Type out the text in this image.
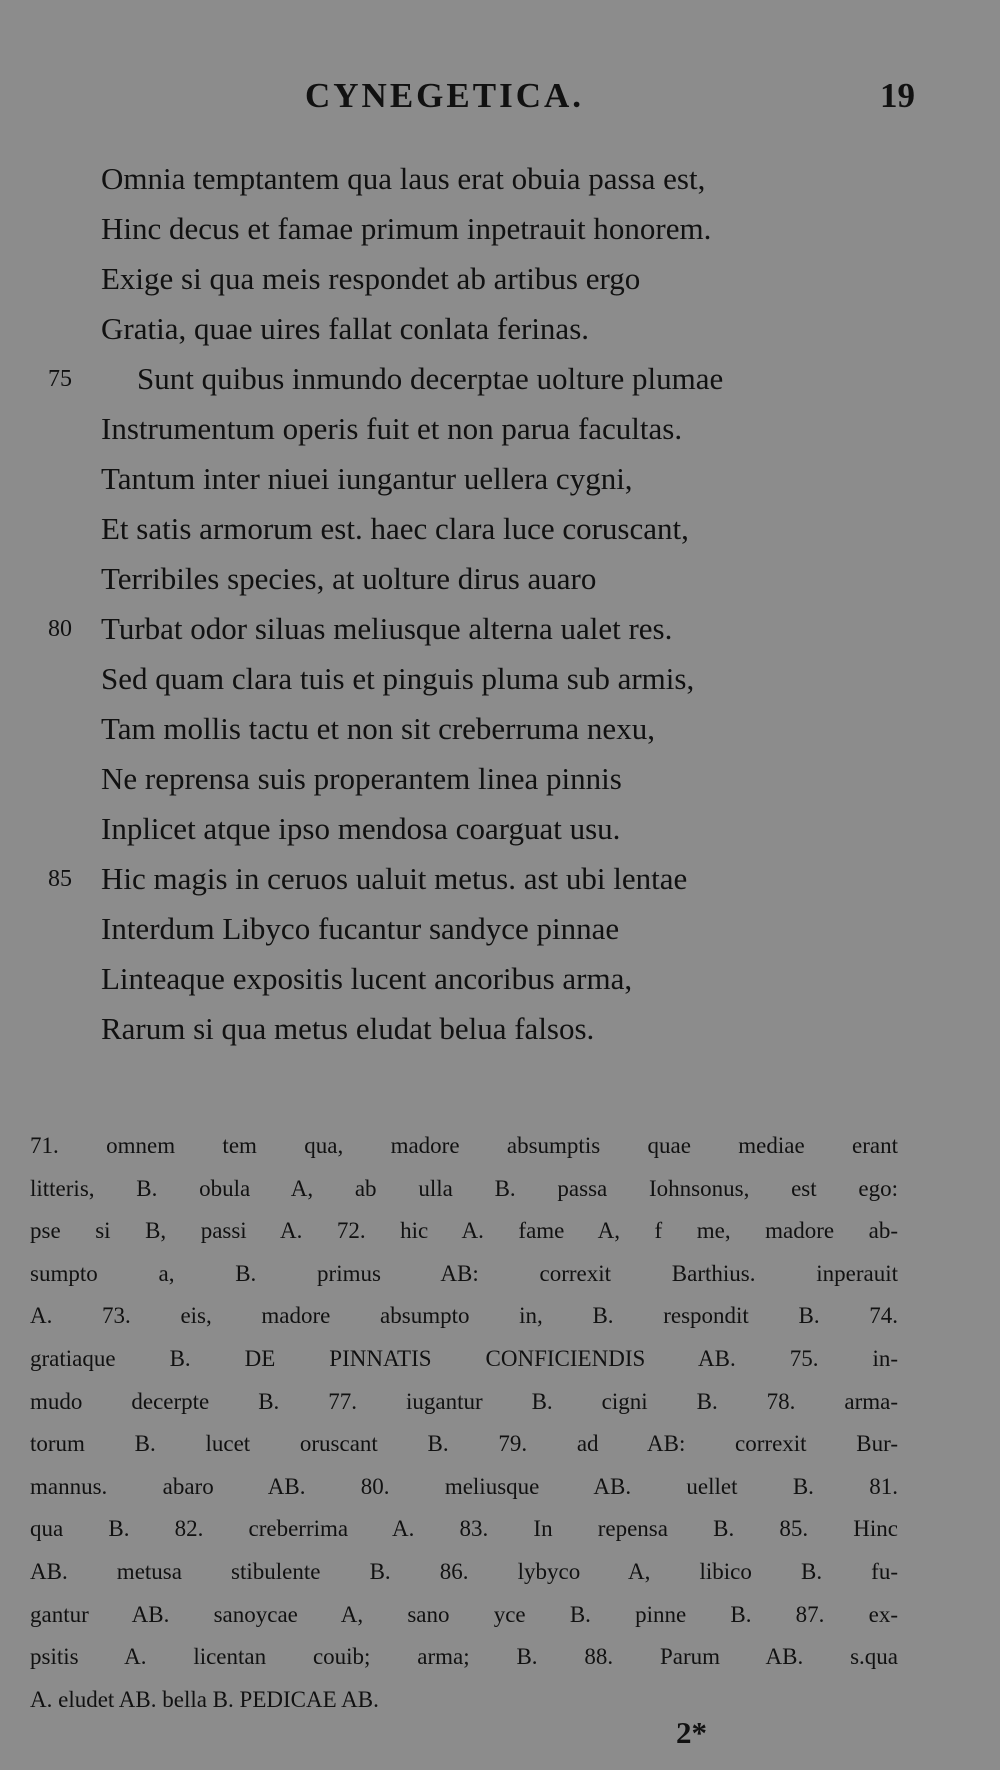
CYNEGETICA.	19
Omnia temptantem qua laus erat obuia passa est,
Hinc decus et famae primum inpetrauit honorem.
Exige si qua meis respondet ab artibus ergo
Gratia, quae uires fallat conlata ferinas.
75	Sunt quibus inmundo decerptae uolture plumae
Instrumentum operis fuit et non parua facultas.
Tantum inter niuei iungantur uellera cygni,
Et satis armorum est. haec clara luce coruscant,
Terribiles species, at uolture dirus auaro
80 Turbat odor siluas meliusque alterna ualet res.
Sed quam clara tuis et pinguis pluma sub armis,
Tam mollis tactu et non sit creberruma nexu,
Ne reprensa suis properantem linea pinnis
Inplicet atque ipso mendosa coarguat usu.
85 Hic magis in ceruos ualuit metus. ast ubi lentae
Interdum Libyco fucantur sandyce pinnae
Linteaque expositis lucent ancoribus arma,
Rarum si qua metus eludat belua falsos.
71. omnem tem qua, madore absumptis quae mediae erant
litteris, B. obula A, ab ulla B. passa Iohnsonus, est ego:
pse si B, passi A. 72. hic A. fame A, f me, madore ab-
sumpto a, B. primus AB: correxit Barthius. inperauit
A. 73. eis, madore absumpto in, B. respondit B. 74.
gratiaque B. DE PINNATIS CONFICIENDIS AB. 75. in-
mudo decerpte B. 77. iugantur B. cigni B. 78. arma-
torum B. lucet oruscant B. 79. ad AB: correxit Bur-
mannus. abaro AB. 80. meliusque AB. uellet B. 81.
qua B. 82. creberrima A. 83. In repensa B. 85. Hinc
AB. metusa stibulente B. 86. lybyco A, libico B. fu-
gantur AB. sanoycae A, sano yce B. pinne B. 87. ex-
psitis A. licentan couib; arma; B. 88. Parum AB. s.qua
A. eludet AB. bella B. PEDICAE AB.
2*
